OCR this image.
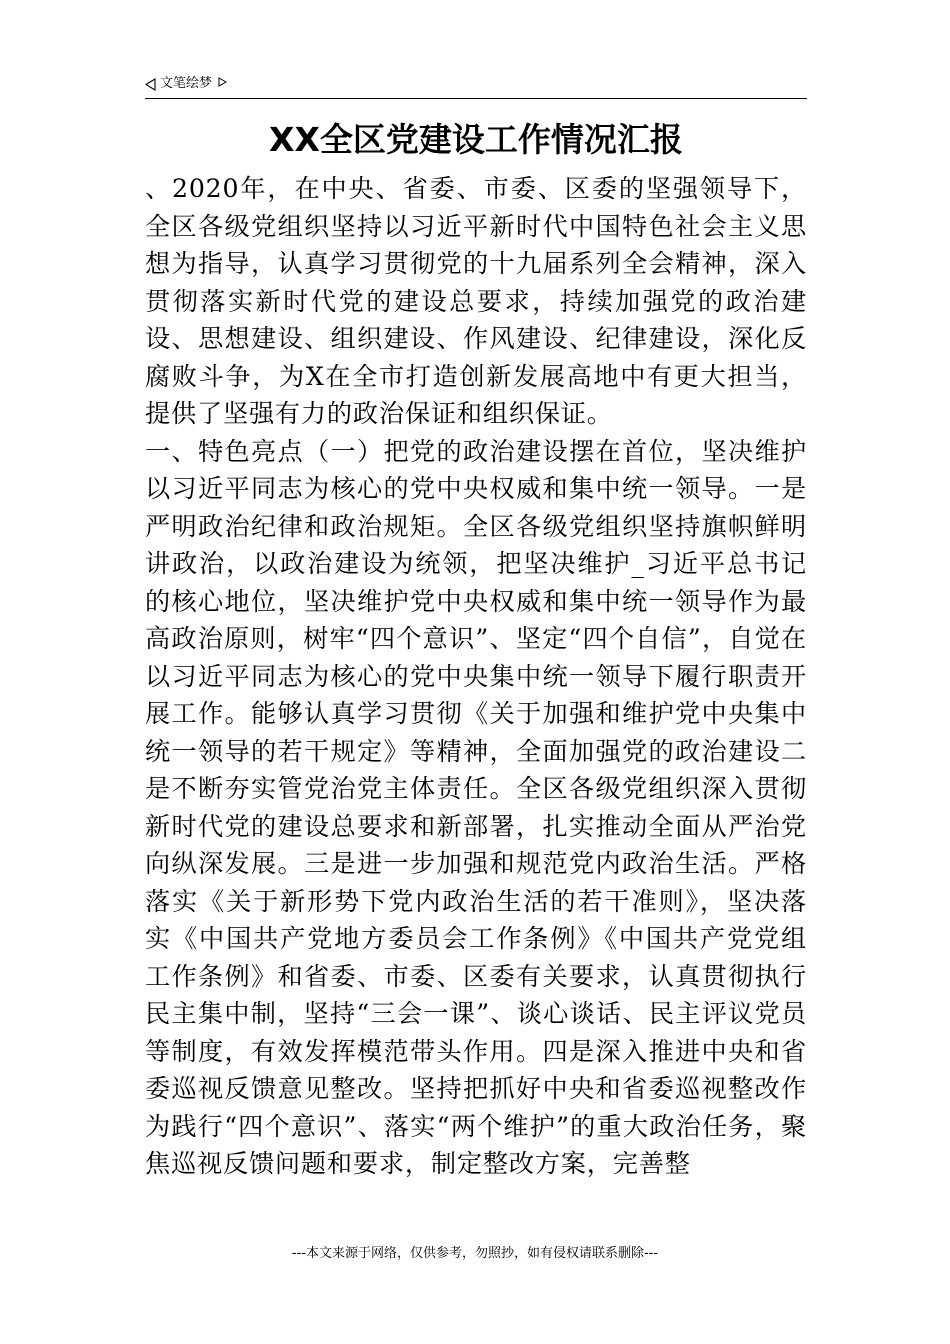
文笔绘梦
XX全区党建设工作情况汇报

、2020年，在中央、省委、市委、区委的坚强领导下，全区各级党组织坚持以习近平新时代中国特色社会主义思想为指导，认真学习贯彻党的十九届系列全会精神，深入贯彻落实新时代党的建设总要求，持续加强党的政治建设、思想建设、组织建设、作风建设、纪律建设，深化反腐败斗争，为X在全市打造创新发展高地中有更大担当，提供了坚强有力的政治保证和组织保证。

一、特色亮点（一）把党的政治建设摆在首位，坚决维护以习近平同志为核心的党中央权威和集中统一领导。一是严明政治纪律和政治规矩。全区各级党组织坚持旗帜鲜明讲政治，以政治建设为统领，把坚决维护_习近平总书记的核心地位，坚决维护党中央权威和集中统一领导作为最高政治原则，树牢“四个意识”、坚定“四个自信”，自觉在以习近平同志为核心的党中央集中统一领导下履行职责开展工作。能够认真学习贯彻《关于加强和维护党中央集中统一领导的若干规定》等精神，全面加强党的政治建设二是不断夯实管党治党主体责任。全区各级党组织深入贯彻新时代党的建设总要求和新部署，扎实推动全面从严治党向纵深发展。三是进一步加强和规范党内政治生活。严格落实《关于新形势下党内政治生活的若干准则》，坚决落实《中国共产党地方委员会工作条例》《中国共产党党组工作条例》和省委、市委、区委有关要求，认真贯彻执行民主集中制，坚持“三会一课”、谈心谈话、民主评议党员等制度，有效发挥模范带头作用。四是深入推进中央和省委巡视反馈意见整改。坚持把抓好中央和省委巡视整改作为践行“四个意识”、落实“两个维护”的重大政治任务，聚焦巡视反馈问题和要求，制定整改方案，完善整

---本文来源于网络，仅供参考，勿照抄，如有侵权请联系删除---
